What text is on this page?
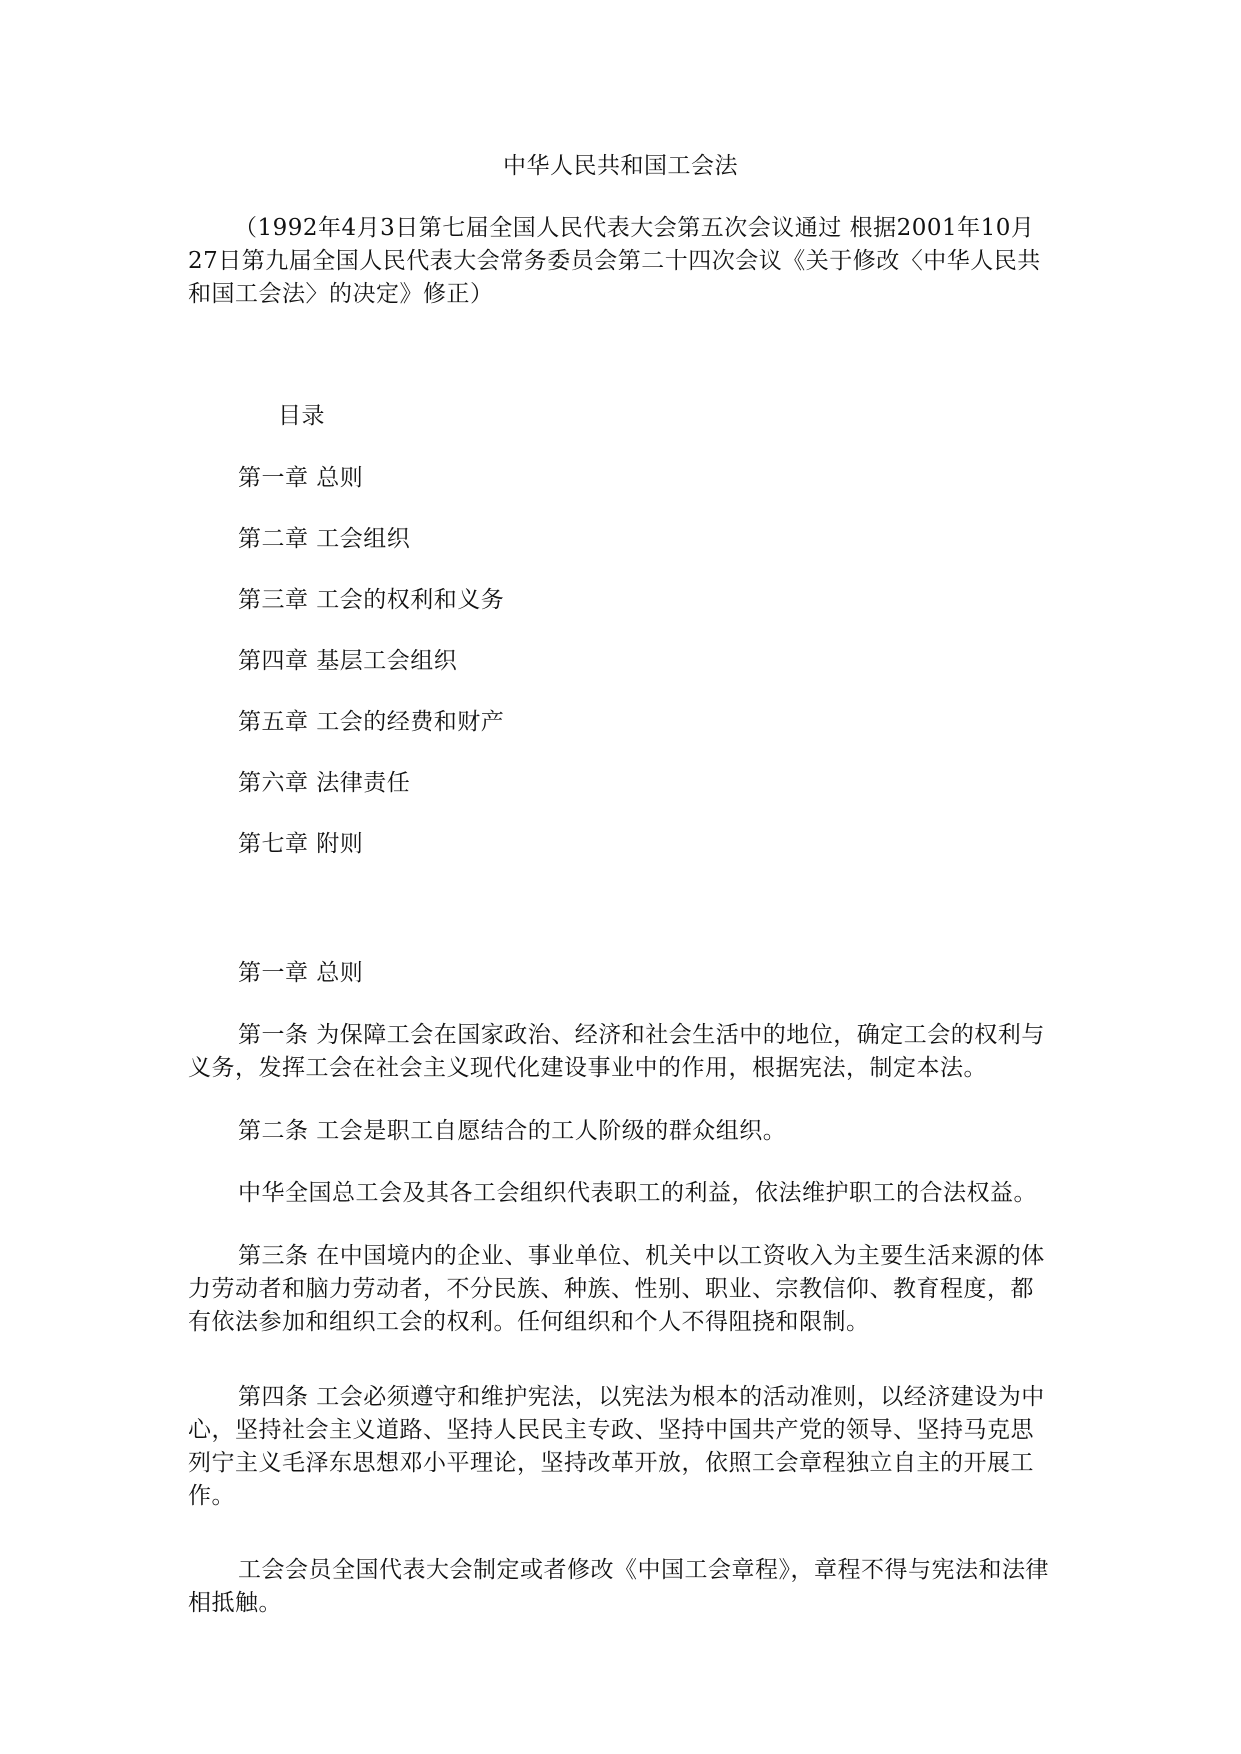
中华人民共和国工会法
（1992年4月3日第七届全国人民代表大会第五次会议通过 根据2001年10月27日第九届全国人民代表大会常务委员会第二十四次会议《关于修改〈中华人民共和国工会法〉的决定》修正）
目录
第一章 总则
第二章 工会组织
第三章 工会的权利和义务
第四章 基层工会组织
第五章 工会的经费和财产
第六章 法律责任
第七章 附则
第一章 总则
第一条 为保障工会在国家政治、经济和社会生活中的地位，确定工会的权利与义务，发挥工会在社会主义现代化建设事业中的作用，根据宪法，制定本法。
第二条 工会是职工自愿结合的工人阶级的群众组织。
中华全国总工会及其各工会组织代表职工的利益，依法维护职工的合法权益。
第三条 在中国境内的企业、事业单位、机关中以工资收入为主要生活来源的体力劳动者和脑力劳动者，不分民族、种族、性别、职业、宗教信仰、教育程度，都有依法参加和组织工会的权利。任何组织和个人不得阻挠和限制。
第四条 工会必须遵守和维护宪法，以宪法为根本的活动准则，以经济建设为中心，坚持社会主义道路、坚持人民民主专政、坚持中国共产党的领导、坚持马克思列宁主义毛泽东思想邓小平理论，坚持改革开放，依照工会章程独立自主的开展工作。
工会会员全国代表大会制定或者修改《中国工会章程》，章程不得与宪法和法律相抵触。
